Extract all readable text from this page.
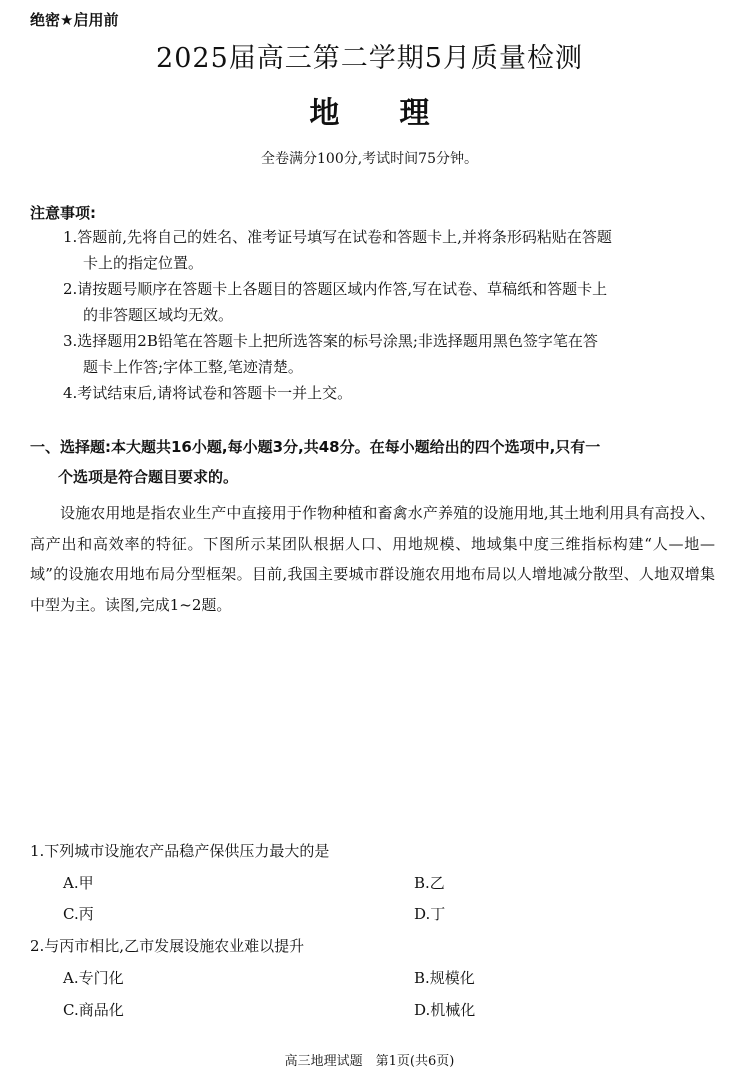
绝密★启用前
2025届高三第二学期5月质量检测
地理
全卷满分100分,考试时间75分钟。
注意事项:
1.答题前,先将自己的姓名、准考证号填写在试卷和答题卡上,并将条形码粘贴在答题
卡上的指定位置。
2.请按题号顺序在答题卡上各题目的答题区域内作答,写在试卷、草稿纸和答题卡上
的非答题区域均无效。
3.选择题用2B铅笔在答题卡上把所选答案的标号涂黑;非选择题用黑色签字笔在答
题卡上作答;字体工整,笔迹清楚。
4.考试结束后,请将试卷和答题卡一并上交。
一、选择题:本大题共16小题,每小题3分,共48分。在每小题给出的四个选项中,只有一
个选项是符合题目要求的。
设施农用地是指农业生产中直接用于作物种植和畜禽水产养殖的设施用地,其土地利用具有高投入、高产出和高效率的特征。下图所示某团队根据人口、用地规模、地域集中度三维指标构建“人—地—域”的设施农用地布局分型框架。目前,我国主要城市群设施农用地布局以人增地减分散型、人地双增集中型为主。读图,完成1~2题。
1.下列城市设施农产品稳产保供压力最大的是
A.甲	B.乙
C.丙	D.丁
2.与丙市相比,乙市发展设施农业难以提升
A.专门化	B.规模化
C.商品化	D.机械化
高三地理试题　第1页(共6页)
